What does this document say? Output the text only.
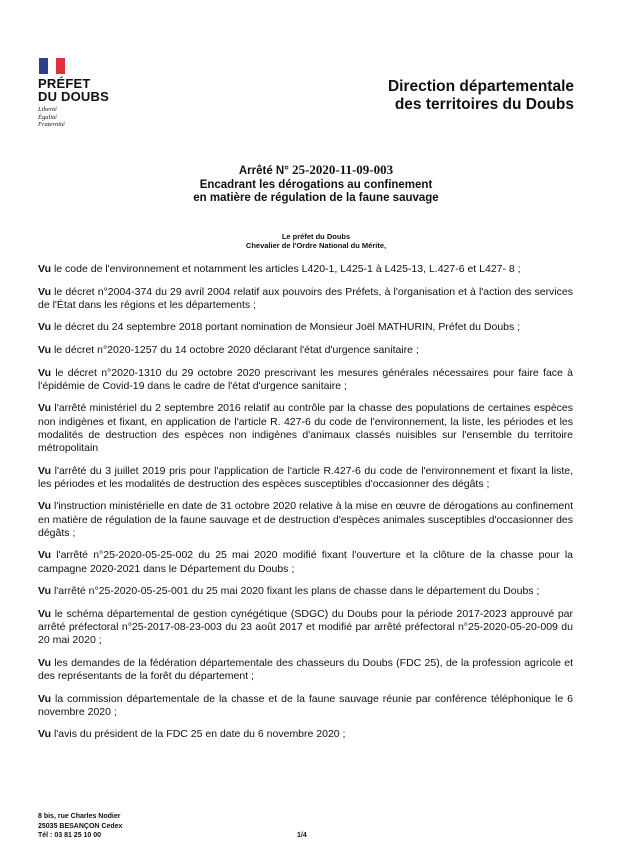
PRÉFET
DU DOUBS
Liberté
Égalité
Fraternité
Direction départementale
des territoires du Doubs
Arrêté N° 25-2020-11-09-003
Encadrant les dérogations au confinement
en matière de régulation de la faune sauvage
Le préfet du Doubs
Chevalier de l'Ordre National du Mérite,

Vu le code de l'environnement et notamment les articles L420-1, L425-1 à L425-13, L.427-6 et L427- 8 ;

Vu le décret n°2004-374 du 29 avril 2004 relatif aux pouvoirs des Préfets, à l'organisation et à l'action des services de l'État dans les régions et les départements ;

Vu le décret du 24 septembre 2018 portant nomination de Monsieur Joël MATHURIN, Préfet du Doubs ;

Vu le décret n°2020-1257 du 14 octobre 2020 déclarant l'état d'urgence sanitaire ;

Vu le décret n°2020-1310 du 29 octobre 2020 prescrivant les mesures générales nécessaires pour faire face à l'épidémie de Covid-19 dans le cadre de l'état d'urgence sanitaire ;

Vu l'arrêté ministériel du 2 septembre 2016 relatif au contrôle par la chasse des populations de certaines espèces non indigènes et fixant, en application de l'article R. 427-6 du code de l'environnement, la liste, les périodes et les modalités de destruction des espèces non indigènes d'animaux classés nuisibles sur l'ensemble du territoire métropolitain

Vu l'arrêté du 3 juillet 2019 pris pour l'application de l'article R.427-6 du code de l'environnement et fixant la liste, les périodes et les modalités de destruction des espèces susceptibles d'occasionner des dégâts ;

Vu l'instruction ministérielle en date de 31 octobre 2020 relative à la mise en œuvre de dérogations au confinement en matière de régulation de la faune sauvage et de destruction d'espèces animales susceptibles d'occasionner des dégâts ;

Vu l'arrêté n°25-2020-05-25-002 du 25 mai 2020 modifié fixant l'ouverture et la clôture de la chasse pour la campagne 2020-2021 dans le Département du Doubs ;

Vu l'arrêté n°25-2020-05-25-001 du 25 mai 2020 fixant les plans de chasse dans le département du Doubs ;

Vu le schéma départemental de gestion cynégétique (SDGC) du Doubs pour la période 2017-2023 approuvé par arrêté préfectoral n°25-2017-08-23-003 du 23 août 2017 et modifié par arrêté préfectoral n°25-2020-05-20-009 du 20 mai 2020 ;

Vu les demandes de la fédération départementale des chasseurs du Doubs (FDC 25), de la profession agricole et des représentants de la forêt du département ;

Vu la commission départementale de la chasse et de la faune sauvage réunie par conférence téléphonique le 6 novembre 2020 ;

Vu l'avis du président de la FDC 25 en date du 6 novembre 2020 ;

8 bis, rue Charles Nodier
25035 BESANÇON Cedex
Tél : 03 81 25 10 00	1/4
